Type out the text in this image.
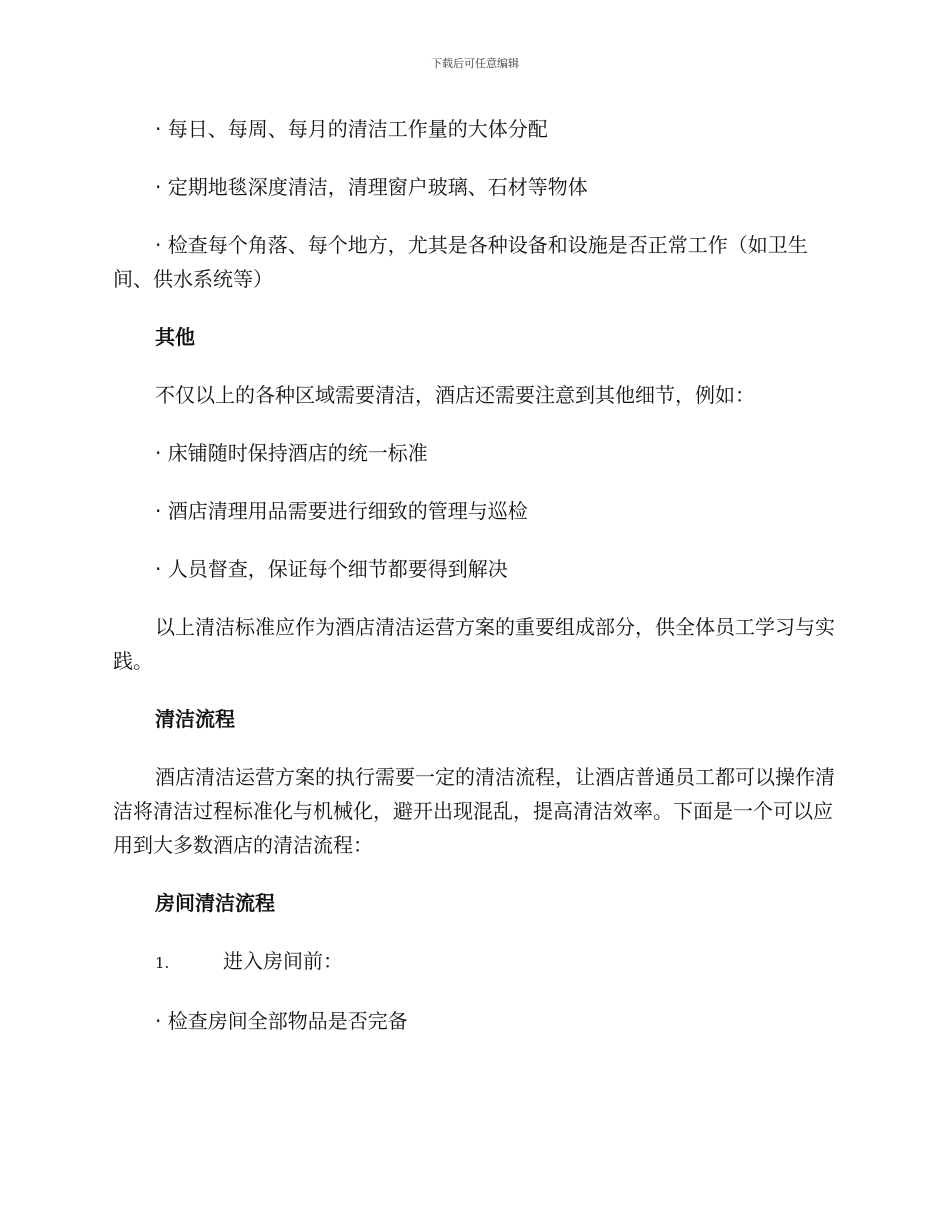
下载后可任意编辑

· 每日、每周、每月的清洁工作量的大体分配

· 定期地毯深度清洁，清理窗户玻璃、石材等物体

· 检查每个角落、每个地方，尤其是各种设备和设施是否正常工作（如卫生间、供水系统等）

其他

不仅以上的各种区域需要清洁，酒店还需要注意到其他细节，例如：

· 床铺随时保持酒店的统一标准

· 酒店清理用品需要进行细致的管理与巡检

· 人员督查，保证每个细节都要得到解决

以上清洁标准应作为酒店清洁运营方案的重要组成部分，供全体员工学习与实践。

清洁流程

酒店清洁运营方案的执行需要一定的清洁流程，让酒店普通员工都可以操作清洁将清洁过程标准化与机械化，避开出现混乱，提高清洁效率。下面是一个可以应用到大多数酒店的清洁流程：

房间清洁流程

1.	进入房间前：

· 检查房间全部物品是否完备
